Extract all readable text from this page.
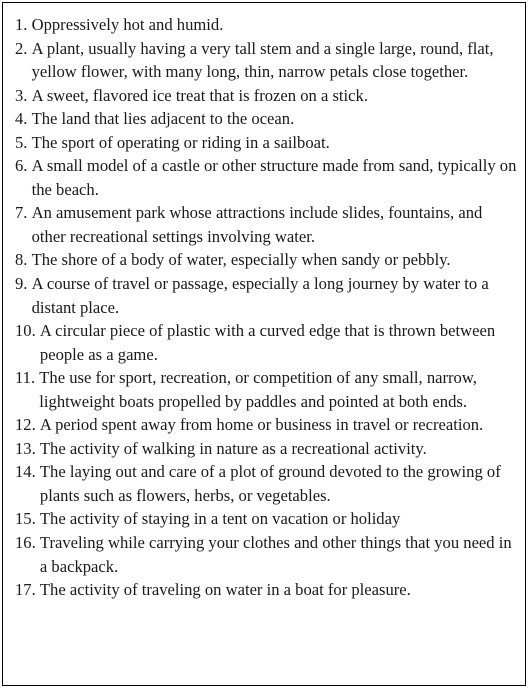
1. Oppressively hot and humid.
2. A plant, usually having a very tall stem and a single large, round, flat, yellow flower, with many long, thin, narrow petals close together.
3. A sweet, flavored ice treat that is frozen on a stick.
4. The land that lies adjacent to the ocean.
5. The sport of operating or riding in a sailboat.
6. A small model of a castle or other structure made from sand, typically on the beach.
7. An amusement park whose attractions include slides, fountains, and other recreational settings involving water.
8. The shore of a body of water, especially when sandy or pebbly.
9. A course of travel or passage, especially a long journey by water to a distant place.
10. A circular piece of plastic with a curved edge that is thrown between people as a game.
11. The use for sport, recreation, or competition of any small, narrow, lightweight boats propelled by paddles and pointed at both ends.
12. A period spent away from home or business in travel or recreation.
13. The activity of walking in nature as a recreational activity.
14. The laying out and care of a plot of ground devoted to the growing of plants such as flowers, herbs, or vegetables.
15. The activity of staying in a tent on vacation or holiday
16. Traveling while carrying your clothes and other things that you need in a backpack.
17. The activity of traveling on water in a boat for pleasure.
